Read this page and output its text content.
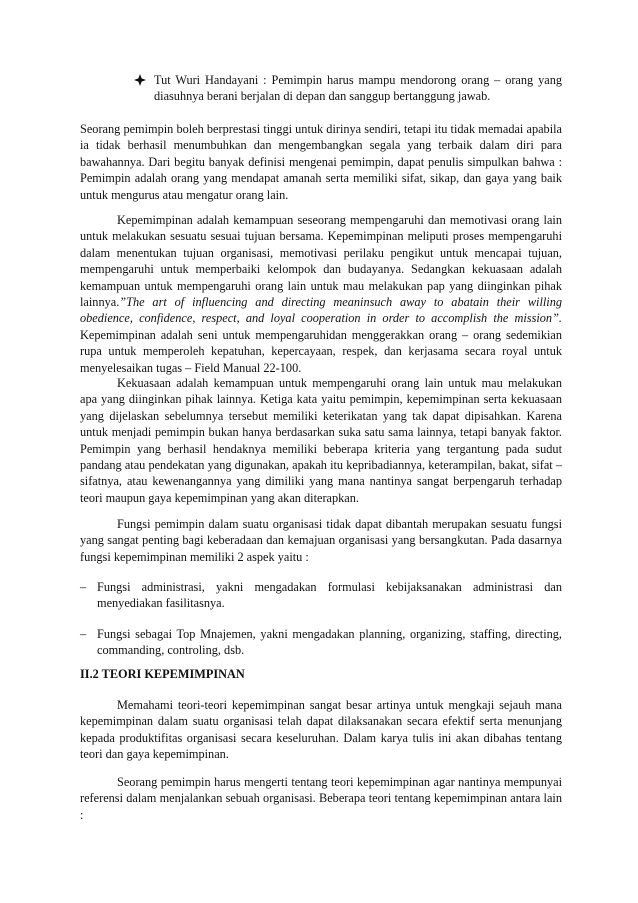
Tut Wuri Handayani : Pemimpin harus mampu mendorong orang – orang yang diasuhnya berani berjalan di depan dan sanggup bertanggung jawab.

Seorang pemimpin boleh berprestasi tinggi untuk dirinya sendiri, tetapi itu tidak memadai apabila ia tidak berhasil menumbuhkan dan mengembangkan segala yang terbaik dalam diri para bawahannya. Dari begitu banyak definisi mengenai pemimpin, dapat penulis simpulkan bahwa : Pemimpin adalah orang yang mendapat amanah serta memiliki sifat, sikap, dan gaya yang baik untuk mengurus atau mengatur orang lain.

Kepemimpinan adalah kemampuan seseorang mempengaruhi dan memotivasi orang lain untuk melakukan sesuatu sesuai tujuan bersama. Kepemimpinan meliputi proses mempengaruhi dalam menentukan tujuan organisasi, memotivasi perilaku pengikut untuk mencapai tujuan, mempengaruhi untuk memperbaiki kelompok dan budayanya. Sedangkan kekuasaan adalah kemampuan untuk mempengaruhi orang lain untuk mau melakukan pap yang diinginkan pihak lainnya.”The art of influencing and directing meaninsuch away to abatain their willing obedience, confidence, respect, and loyal cooperation in order to accomplish the mission”. Kepemimpinan adalah seni untuk mempengaruhidan menggerakkan orang – orang sedemikian rupa untuk memperoleh kepatuhan, kepercayaan, respek, dan kerjasama secara royal untuk menyelesaikan tugas – Field Manual 22-100.

Kekuasaan adalah kemampuan untuk mempengaruhi orang lain untuk mau melakukan apa yang diinginkan pihak lainnya. Ketiga kata yaitu pemimpin, kepemimpinan serta kekuasaan yang dijelaskan sebelumnya tersebut memiliki keterikatan yang tak dapat dipisahkan. Karena untuk menjadi pemimpin bukan hanya berdasarkan suka satu sama lainnya, tetapi banyak faktor. Pemimpin yang berhasil hendaknya memiliki beberapa kriteria yang tergantung pada sudut pandang atau pendekatan yang digunakan, apakah itu kepribadiannya, keterampilan, bakat, sifat – sifatnya, atau kewenangannya yang dimiliki yang mana nantinya sangat berpengaruh terhadap teori maupun gaya kepemimpinan yang akan diterapkan.

Fungsi pemimpin dalam suatu organisasi tidak dapat dibantah merupakan sesuatu fungsi yang sangat penting bagi keberadaan dan kemajuan organisasi yang bersangkutan. Pada dasarnya fungsi kepemimpinan memiliki 2 aspek yaitu :

– Fungsi administrasi, yakni mengadakan formulasi kebijaksanakan administrasi dan menyediakan fasilitasnya.
– Fungsi sebagai Top Mnajemen, yakni mengadakan planning, organizing, staffing, directing, commanding, controling, dsb.
II.2 TEORI KEPEMIMPINAN

Memahami teori-teori kepemimpinan sangat besar artinya untuk mengkaji sejauh mana kepemimpinan dalam suatu organisasi telah dapat dilaksanakan secara efektif serta menunjang kepada produktifitas organisasi secara keseluruhan. Dalam karya tulis ini akan dibahas tentang teori dan gaya kepemimpinan.

Seorang pemimpin harus mengerti tentang teori kepemimpinan agar nantinya mempunyai referensi dalam menjalankan sebuah organisasi. Beberapa teori tentang kepemimpinan antara lain :
